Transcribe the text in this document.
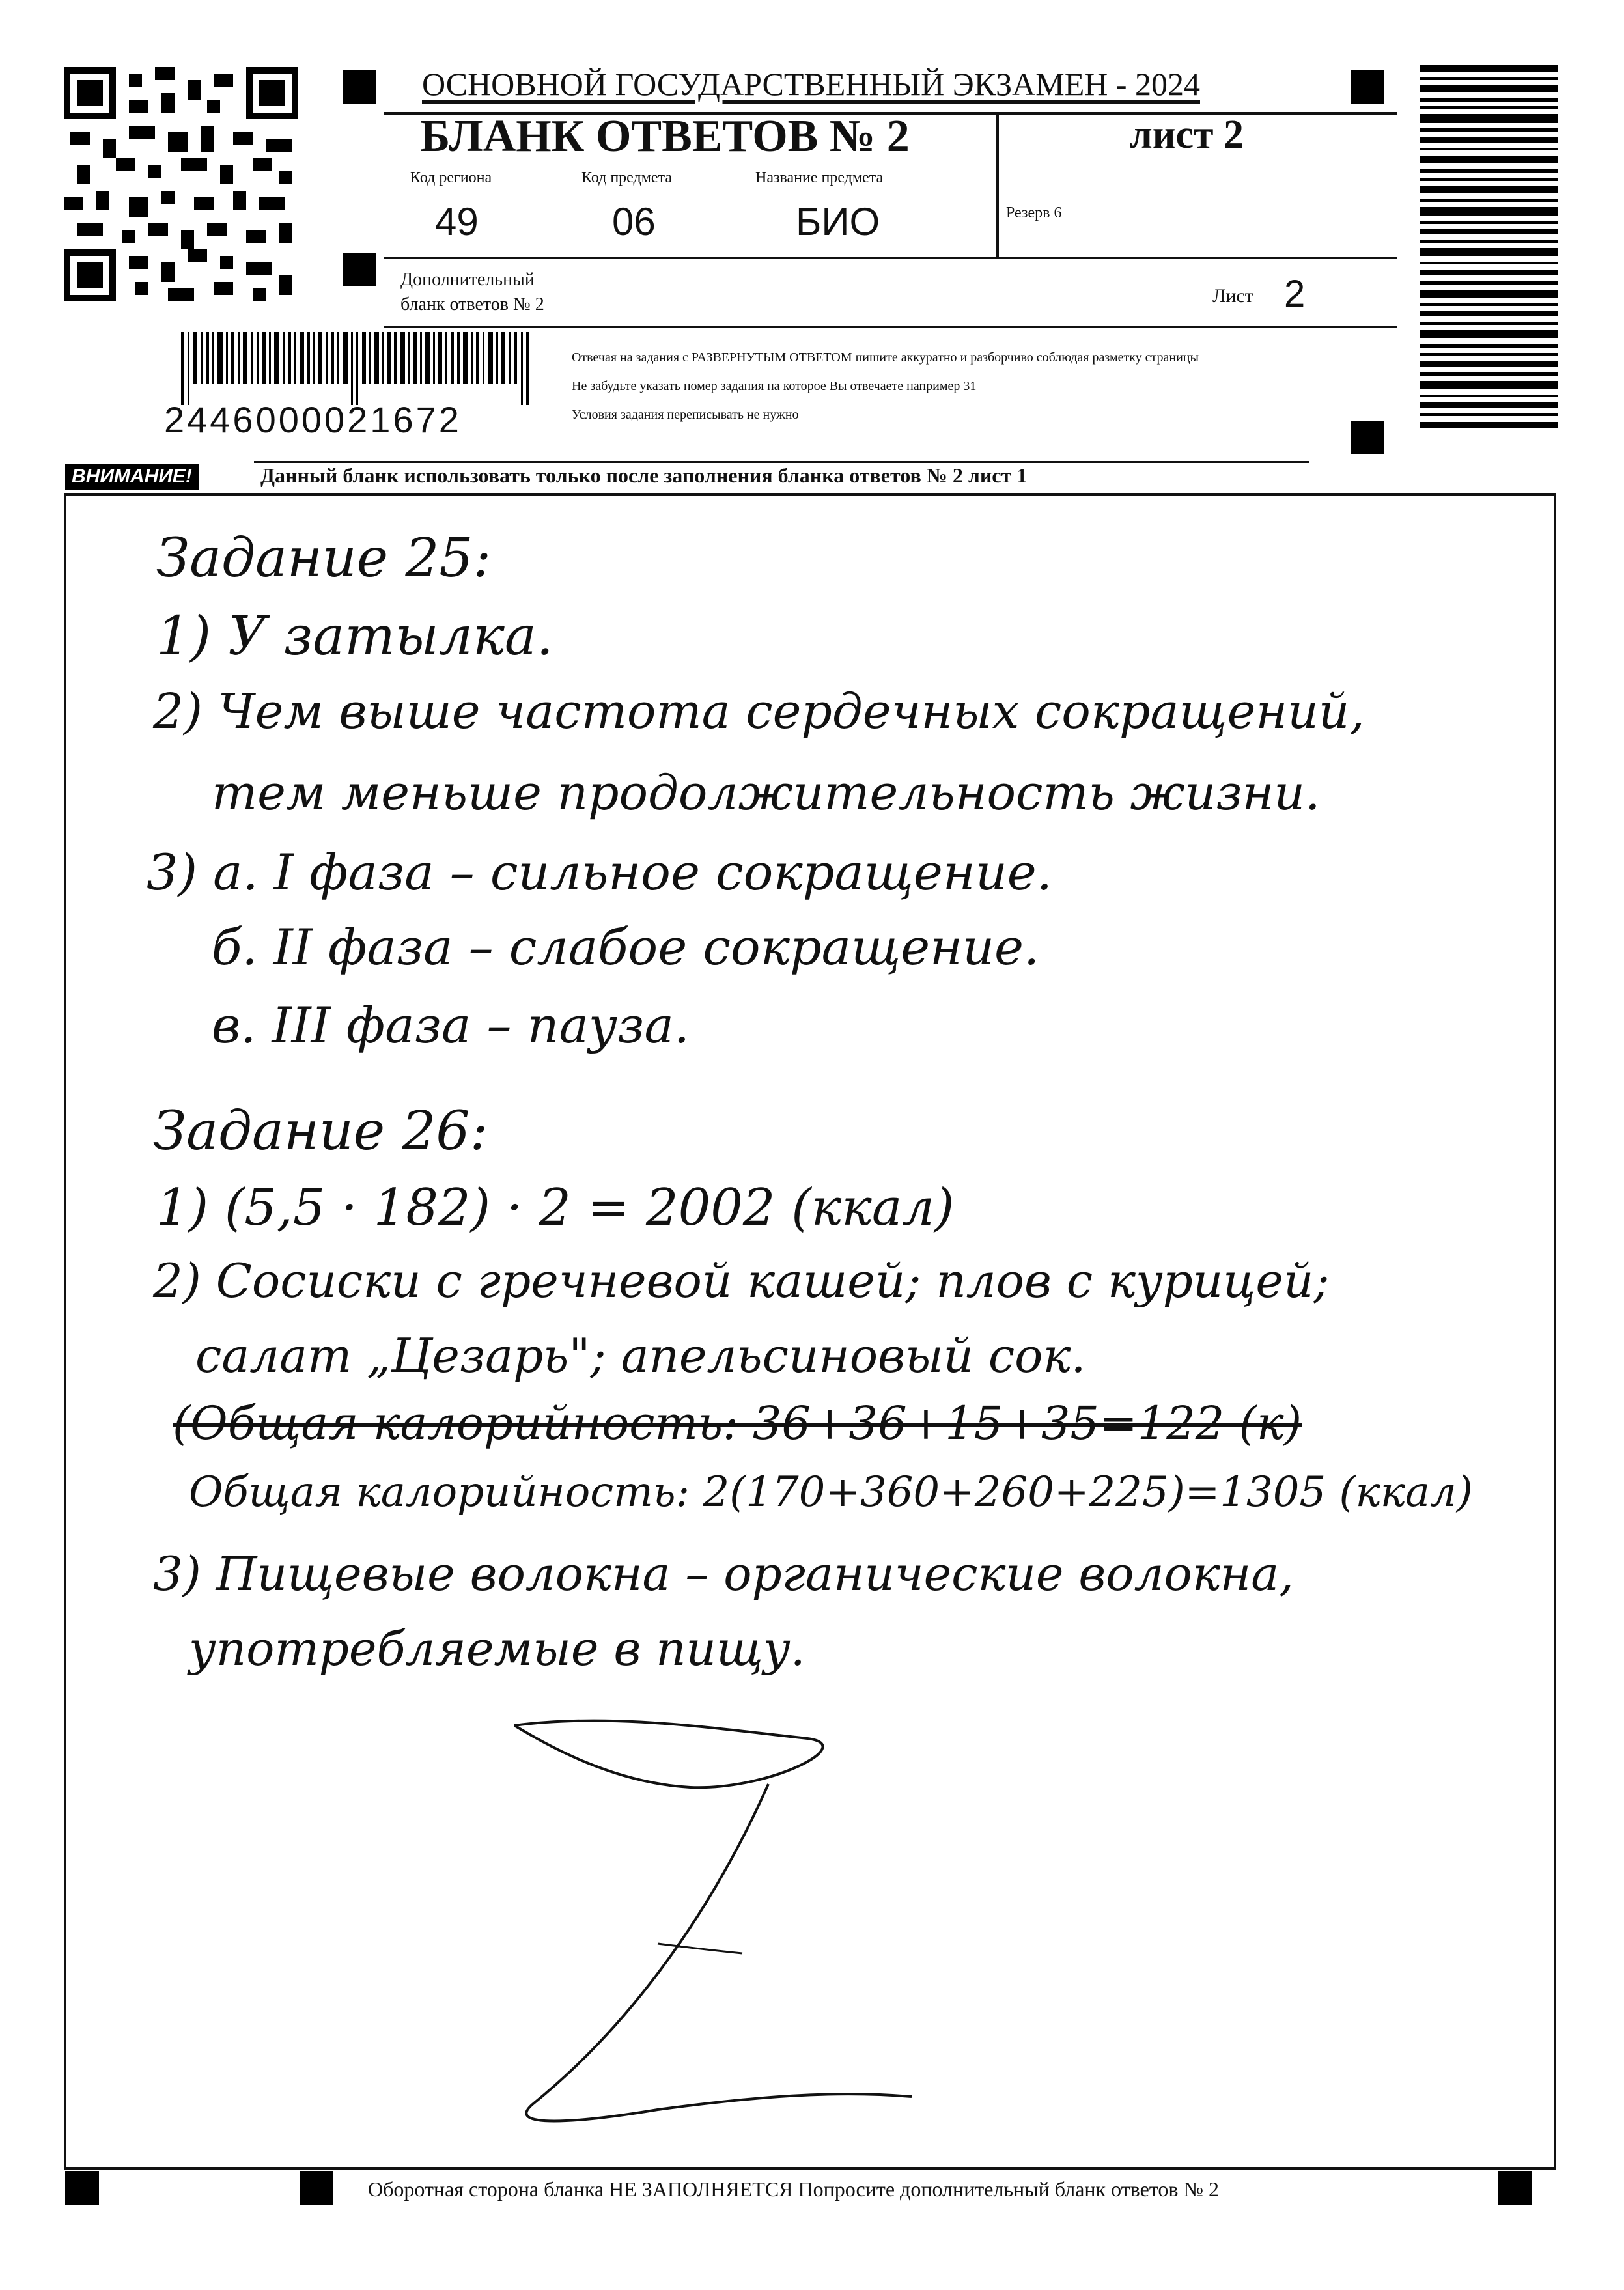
ОСНОВНОЙ ГОСУДАРСТВЕННЫЙ ЭКЗАМЕН - 2024
БЛАНК ОТВЕТОВ № 2	лист 2
Код региона
49
Код предмета
06
Название предмета
БИО	Резерв 6
Дополнительный
бланк ответов № 2	Лист 2
2446000021672
Отвечая на задания с РАЗВЕРНУТЫМ ОТВЕТОМ пишите аккуратно и разборчиво соблюдая разметку страницы
Не забудьте указать номер задания на которое Вы отвечаете например 31
Условия задания переписывать не нужно
ВНИМАНИЕ!	Данный бланк использовать только после заполнения бланка ответов № 2 лист 1
Задание 25:
1) У затылка.
2) Чем выше частота сердечных сокращений,
тем меньше продолжительность жизни.
3) а. I фаза – сильное сокращение.
б. II фаза – слабое сокращение.
в. III фаза – пауза.
Задание 26:
1) (5,5 · 182) · 2 = 2002 (ккал)
2) Сосиски с гречневой кашей; плов с курицей;
салат „Цезарь"; апельсиновый сок.
(Общая калорийность: 36+36+15+35=122 (к)
Общая калорийность: 2(170+360+260+225)=1305 (ккал)
3) Пищевые волокна – органические волокна,
употребляемые в пищу.
Оборотная сторона бланка НЕ ЗАПОЛНЯЕТСЯ Попросите дополнительный бланк ответов № 2
